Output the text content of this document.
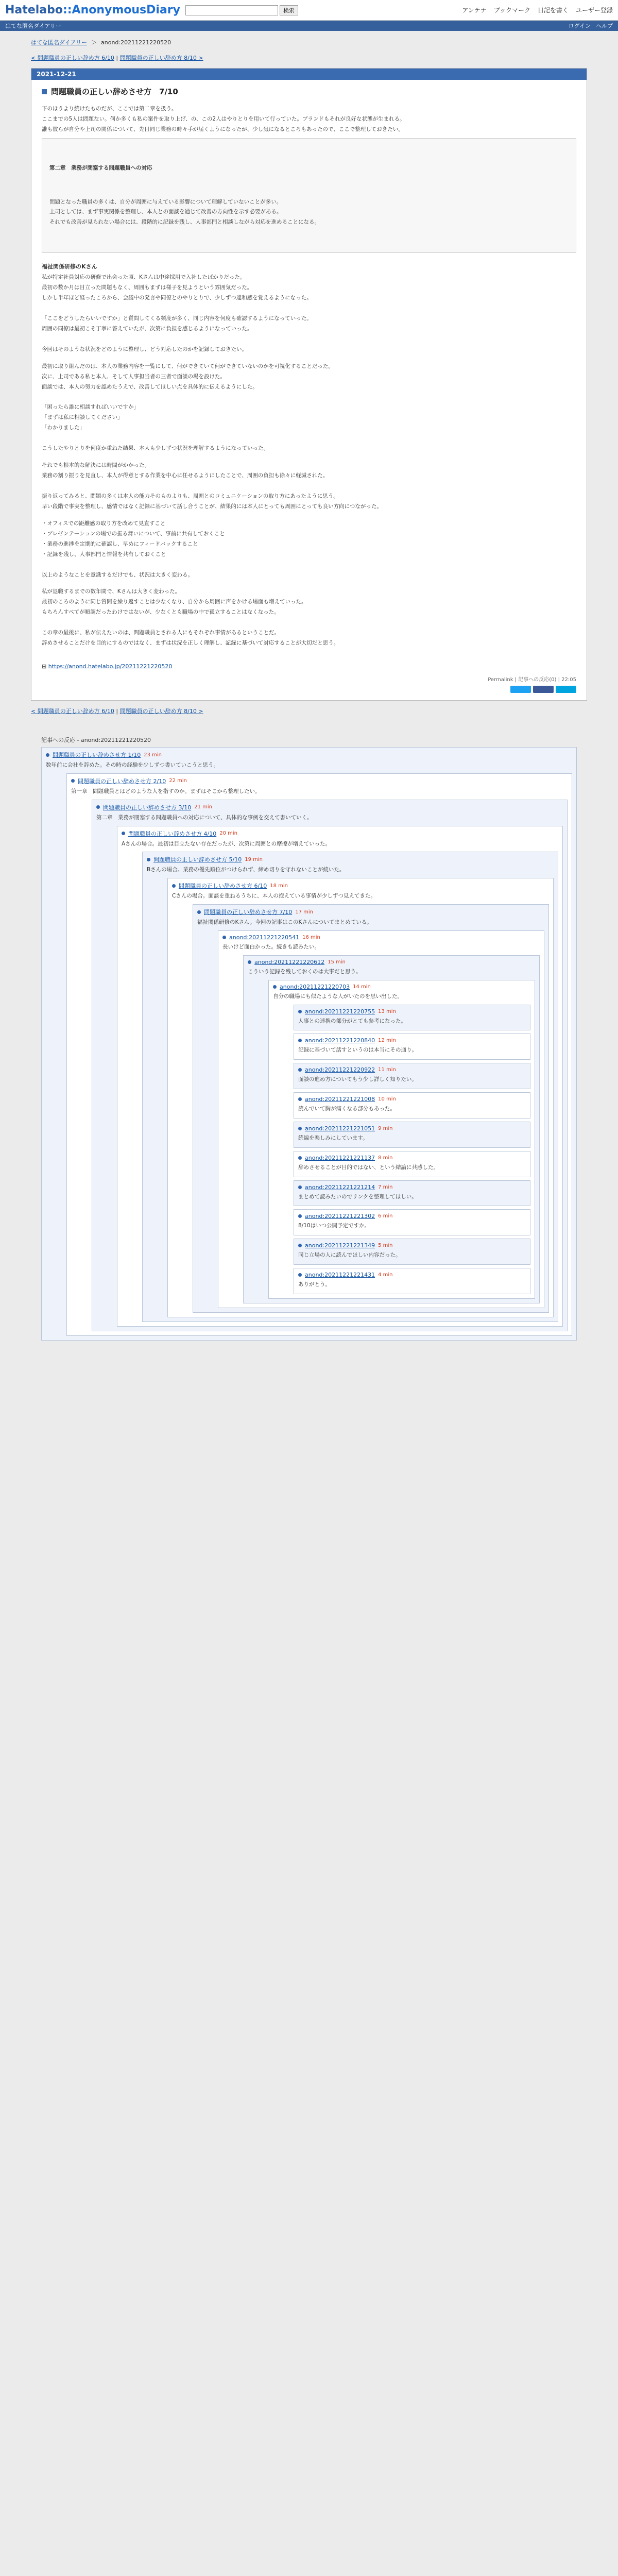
Hatelabo::AnonymousDiary	検索	アンテナ ブックマーク 日記を書く ユーザー登録
はてな匿名ダイアリー	ログイン ヘルプ
はてな匿名ダイアリー ＞ anond:20211221220520
< 問題職員の正しい辞め方 6/10 | 問題職員の正しい辞め方 8/10 >
2021-12-21
問題職員の正しい辞めさせ方　7/10
下のほうより続けたものだが、ここでは第二章を扱う。
ここまでの5人は問題ない。何か多くも私の案件を取り上げ、の、この2人はやりとりを用いて行っていた。ブランドもそれが良好な状態が生まれる。
誰も彼らが自分や上司の関係について、先日同じ業務の時々手が届くようになったが、少し気になるところもあったので、ここで整理しておきたい。

第二章　業務が閉塞する問題職員への対応

問題となった職員の多くは、自分が周囲に与えている影響について理解していないことが多い。
上司としては、まず事実関係を整理し、本人との面談を通じて改善の方向性を示す必要がある。
それでも改善が見られない場合には、段階的に記録を残し、人事部門と相談しながら対応を進めることになる。

福祉関係研修のKさん
私が特定社員対応の研修で出会った頃、Kさんは中途採用で入社したばかりだった。
最初の数か月は目立った問題もなく、周囲もまずは様子を見ようという雰囲気だった。
しかし半年ほど経ったころから、会議中の発言や同僚とのやりとりで、少しずつ違和感を覚えるようになった。

「ここをどうしたらいいですか」と質問してくる頻度が多く、同じ内容を何度も確認するようになっていった。
周囲の同僚は最初こそ丁寧に答えていたが、次第に負担を感じるようになっていった。

今回はそのような状況をどのように整理し、どう対応したのかを記録しておきたい。

最初に取り組んだのは、本人の業務内容を一覧にして、何ができていて何ができていないのかを可視化することだった。
次に、上司である私と本人、そして人事担当者の三者で面談の場を設けた。
面談では、本人の努力を認めたうえで、改善してほしい点を具体的に伝えるようにした。

「困ったら誰に相談すればいいですか」
「まずは私に相談してください」
「わかりました」

こうしたやりとりを何度か重ねた結果、本人も少しずつ状況を理解するようになっていった。

それでも根本的な解決には時間がかかった。
業務の割り振りを見直し、本人が得意とする作業を中心に任せるようにしたことで、周囲の負担も徐々に軽減された。

振り返ってみると、問題の多くは本人の能力そのものよりも、周囲とのコミュニケーションの取り方にあったように思う。
早い段階で事実を整理し、感情ではなく記録に基づいて話し合うことが、結果的には本人にとっても周囲にとっても良い方向につながった。

・オフィスでの距離感の取り方を改めて見直すこと
・プレゼンテーションの場での振る舞いについて、事前に共有しておくこと
・業務の進捗を定期的に確認し、早めにフィードバックすること
・記録を残し、人事部門と情報を共有しておくこと

以上のようなことを意識するだけでも、状況は大きく変わる。

私が退職するまでの数年間で、Kさんは大きく変わった。
最初のころのように同じ質問を繰り返すことは少なくなり、自分から周囲に声をかける場面も増えていった。
もちろんすべてが順調だったわけではないが、少なくとも職場の中で孤立することはなくなった。

この章の最後に、私が伝えたいのは、問題職員とされる人にもそれぞれ事情があるということだ。
辞めさせることだけを目的にするのではなく、まずは状況を正しく理解し、記録に基づいて対応することが大切だと思う。
⊞ https://anond.hatelabo.jp/20211221220520
Permalink | 記事への反応(0) | 22:05
< 問題職員の正しい辞め方 6/10 | 問題職員の正しい辞め方 8/10 >
記事への反応 - anond:20211221220520
問題職員の正しい辞めさせ方 1/10 23 min
数年前に会社を辞めた。その時の経験を少しずつ書いていこうと思う。
問題職員の正しい辞めさせ方 2/10 22 min
第一章　問題職員とはどのような人を指すのか。まずはそこから整理したい。
問題職員の正しい辞めさせ方 3/10 21 min
第二章　業務が閉塞する問題職員への対応について、具体的な事例を交えて書いていく。
問題職員の正しい辞めさせ方 4/10 20 min
Aさんの場合。最初は目立たない存在だったが、次第に周囲との摩擦が増えていった。
問題職員の正しい辞めさせ方 5/10 19 min
Bさんの場合。業務の優先順位がつけられず、締め切りを守れないことが続いた。
問題職員の正しい辞めさせ方 6/10 18 min
Cさんの場合。面談を重ねるうちに、本人の抱えている事情が少しずつ見えてきた。
問題職員の正しい辞めさせ方 7/10 17 min
福祉関係研修のKさん。今回の記事はこのKさんについてまとめている。
anond:20211221220541 16 min
長いけど面白かった。続きも読みたい。
anond:20211221220612 15 min
こういう記録を残しておくのは大事だと思う。
anond:20211221220703 14 min
自分の職場にも似たような人がいたのを思い出した。
anond:20211221220755 13 min
人事との連携の部分がとても参考になった。
anond:20211221220840 12 min
記録に基づいて話すというのは本当にその通り。
anond:20211221220922 11 min
面談の進め方についてもう少し詳しく知りたい。
anond:20211221221008 10 min
読んでいて胸が痛くなる部分もあった。
anond:20211221221051 9 min
続編を楽しみにしています。
anond:20211221221137 8 min
辞めさせることが目的ではない、という結論に共感した。
anond:20211221221214 7 min
まとめて読みたいのでリンクを整理してほしい。
anond:20211221221302 6 min
8/10はいつ公開予定ですか。
anond:20211221221349 5 min
同じ立場の人に読んでほしい内容だった。
anond:20211221221431 4 min
ありがとう。
